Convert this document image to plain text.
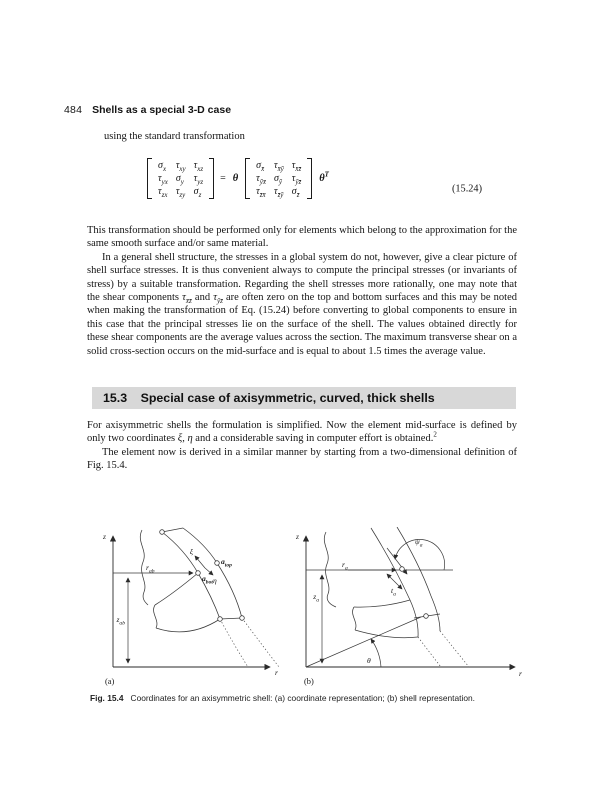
484 Shells as a special 3-D case
using the standard transformation
$\sigma_x$ $\tau_{xy}$ $\tau_{xz}$
$\tau_{yx}$ $\sigma_y$ $\tau_{yz}$
$\tau_{zx}$ $\tau_{zy}$ $\sigma_z$
= θ
$\sigma_{x̄}$ $\tau_{x̄ȳ}$ $\tau_{x̄z̄}$
$\tau_{ȳx̄}$ $\sigma_{ȳ}$ $\tau_{ȳz̄}$
$\tau_{z̄x̄}$ $\tau_{z̄ȳ}$ $\sigma_{z̄}$
$\theta^T$
(15.24)

This transformation should be performed only for elements which belong to the approximation for the same smooth surface and/or same material.

In a general shell structure, the stresses in a global system do not, however, give a clear picture of shell surface stresses. It is thus convenient always to compute the principal stresses (or invariants of stress) by a suitable transformation. Regarding the shell stresses more rationally, one may note that the shear components $\tau_{x̄z̄}$ and $\tau_{ȳz̄}$ are often zero on the top and bottom surfaces and this may be noted when making the transformation of Eq. (15.24) before converting to global components to ensure in this case that the principal stresses lie on the surface of the shell. The values obtained directly for these shear components are the average values across the section. The maximum transverse shear on a solid cross-section occurs on the mid-surface and is equal to about 1.5 times the average value.

15.3 Special case of axisymmetric, curved, thick shells

For axisymmetric shells the formulation is simplified. Now the element mid-surface is defined by only two coordinates ξ, η and a considerable saving in computer effort is obtained.$^2$

The element now is derived in a similar manner by starting from a two-dimensional definition of Fig. 15.4.

z
r
$r_{ab}$
$z_{ab}$
ξ
η
$a_{top}$
$a_{bot}$
(a)
z
r
$r_a$
$z_a$
$\psi_a$
$t_a$
θ
(b)
Fig. 15.4 Coordinates for an axisymmetric shell: (a) coordinate representation; (b) shell representation.
